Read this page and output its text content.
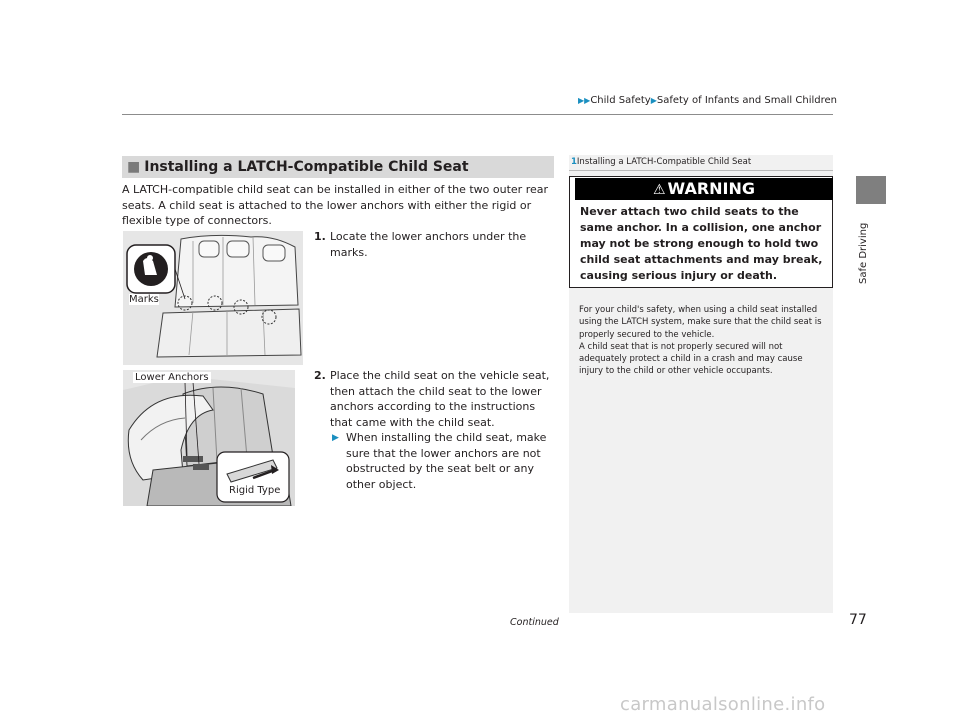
▶▶Child Safety▶Safety of Infants and Small Children
Safe Driving
■ Installing a LATCH-Compatible Child Seat
A LATCH-compatible child seat can be installed in either of the two outer rear seats. A child seat is attached to the lower anchors with either the rigid or flexible type of connectors.
Marks
Lower Anchors
Rigid Type
1. Locate the lower anchors under the marks.
2. Place the child seat on the vehicle seat, then attach the child seat to the lower anchors according to the instructions that came with the child seat.
▶ When installing the child seat, make sure that the lower anchors are not obstructed by the seat belt or any other object.
1Installing a LATCH-Compatible Child Seat
⚠ WARNING
Never attach two child seats to the same anchor. In a collision, one anchor may not be strong enough to hold two child seat attachments and may break, causing serious injury or death.
For your child's safety, when using a child seat installed using the LATCH system, make sure that the child seat is properly secured to the vehicle.
A child seat that is not properly secured will not adequately protect a child in a crash and may cause injury to the child or other vehicle occupants.
Continued	77
carmanualsonline.info
